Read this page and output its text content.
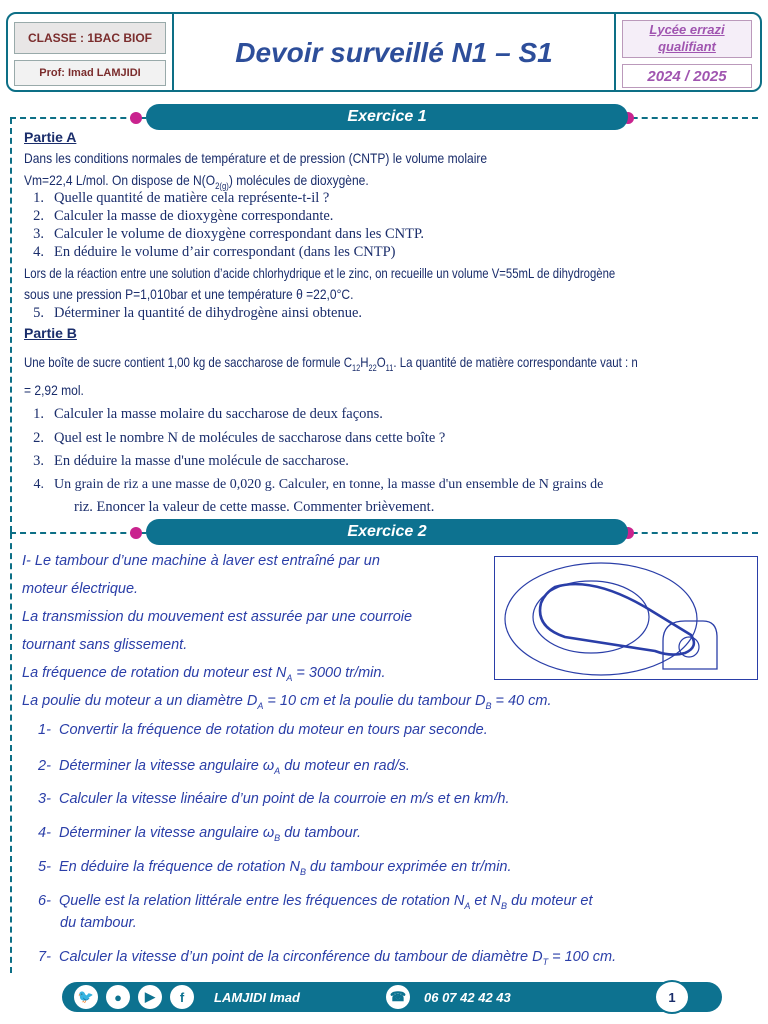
CLASSE : 1BAC BIOF
Prof: Imad LAMJIDI
Devoir surveillé N1 – S1
Lycée errazi qualifiant
2024 / 2025
Exercice 1
Partie A
Dans les conditions normales de température et de pression (CNTP) le volume molaire
Vm=22,4 L/mol. On dispose de $N(O_{2(g)})$ molécules de dioxygène.
1. Quelle quantité de matière cela représente-t-il ?
2. Calculer la masse de dioxygène correspondante.
3. Calculer le volume de dioxygène correspondant dans les CNTP.
4. En déduire le volume d’air correspondant (dans les CNTP)
Lors de la réaction entre une solution d’acide chlorhydrique et le zinc, on recueille un volume V=55mL de dihydrogène
sous une pression P=1,010bar et une température θ =22,0°C.
5. Déterminer la quantité de dihydrogène ainsi obtenue.
Partie B
Une boîte de sucre contient 1,00 kg de saccharose de formule $C_{12}H_{22}O_{11}$. La quantité de matière correspondante vaut : n
= 2,92 mol.
1. Calculer la masse molaire du saccharose de deux façons.
2. Quel est le nombre N de molécules de saccharose dans cette boîte ?
3. En déduire la masse d'une molécule de saccharose.
4. Un grain de riz a une masse de 0,020 g. Calculer, en tonne, la masse d'un ensemble de N grains de
riz. Enoncer la valeur de cette masse. Commenter brièvement.
Exercice 2
I- Le tambour d’une machine à laver est entraîné par un
moteur électrique.
La transmission du mouvement est assurée par une courroie
tournant sans glissement.
La fréquence de rotation du moteur est $N_A = 3000$ tr/min.
La poulie du moteur a un diamètre $D_A = 10$ cm et la poulie du tambour $D_B = 40$ cm.
1- Convertir la fréquence de rotation du moteur en tours par seconde.
2- Déterminer la vitesse angulaire $\omega_A$ du moteur en rad/s.
3- Calculer la vitesse linéaire d’un point de la courroie en m/s et en km/h.
4- Déterminer la vitesse angulaire $\omega_B$ du tambour.
5- En déduire la fréquence de rotation $N_B$ du tambour exprimée en tr/min.
6- Quelle est la relation littérale entre les fréquences de rotation $N_A$ et $N_B$ du moteur et
du tambour.
7- Calculer la vitesse d’un point de la circonférence du tambour de diamètre $D_T = 100$ cm.
🐦	●	▶	f	LAMJIDI Imad	☎	06 07 42 42 43	1
